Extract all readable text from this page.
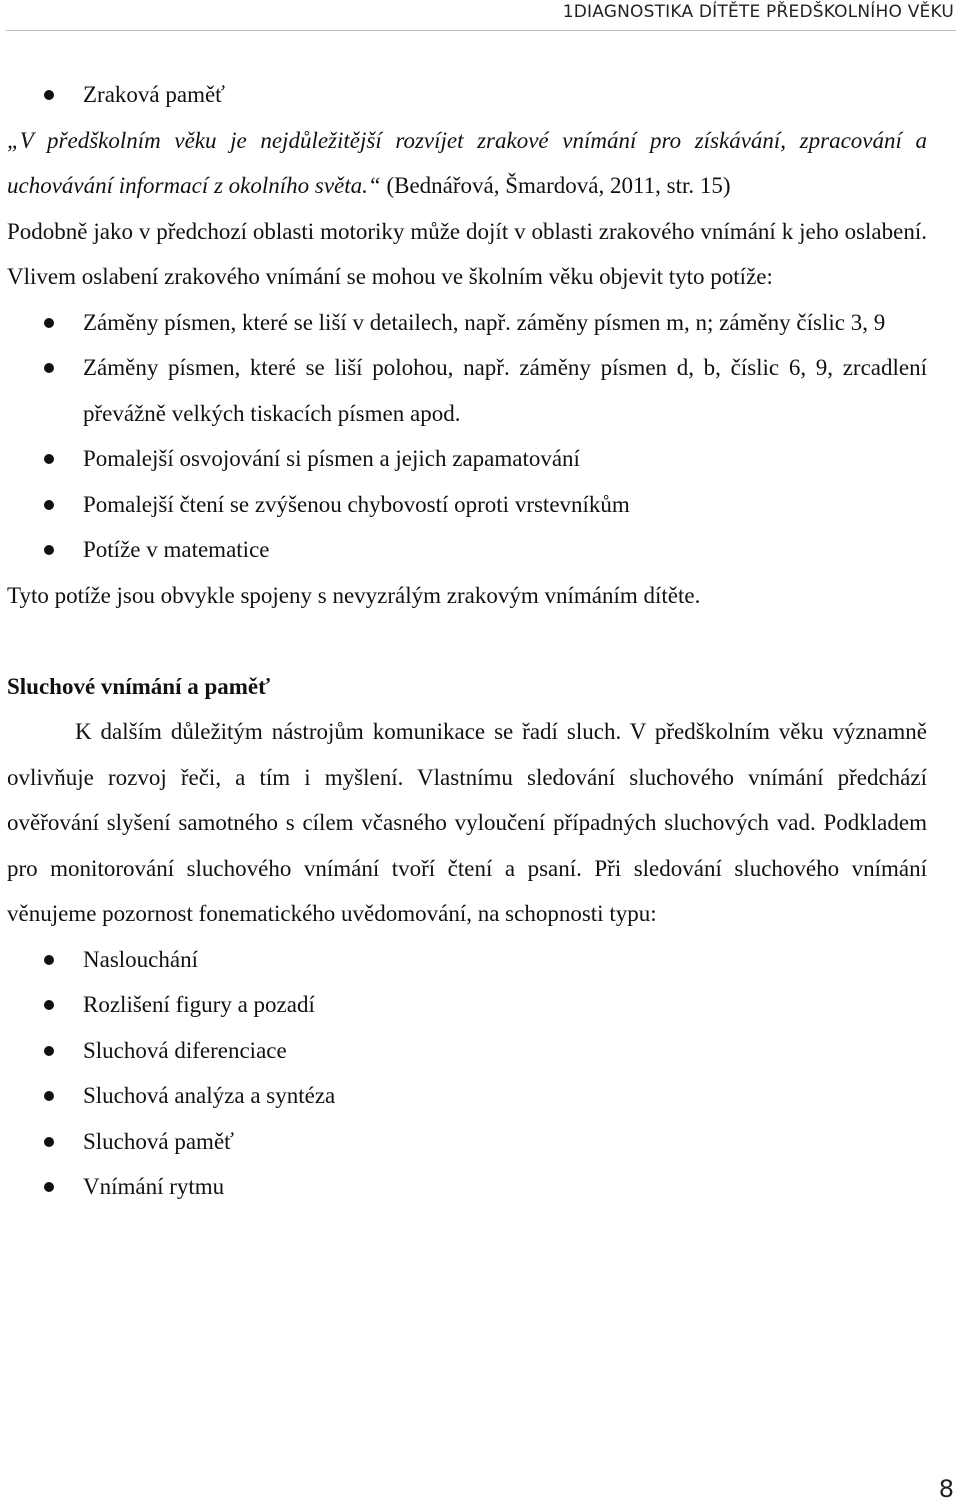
1DIAGNOSTIKA DÍTĚTE PŘEDŠKOLNÍHO VĚKU
Zraková paměť
„V předškolním věku je nejdůležitější rozvíjet zrakové vnímání pro získávání, zpracování a uchovávání informací z okolního světa.“ (Bednářová, Šmardová, 2011, str. 15)
Podobně jako v předchozí oblasti motoriky může dojít v oblasti zrakového vnímání k jeho oslabení. Vlivem oslabení zrakového vnímání se mohou ve školním věku objevit tyto potíže:
Záměny písmen, které se liší v detailech, např. záměny písmen m, n; záměny číslic 3, 9
Záměny písmen, které se liší polohou, např. záměny písmen d, b, číslic 6, 9, zrcadlení převážně velkých tiskacích písmen apod.
Pomalejší osvojování si písmen a jejich zapamatování
Pomalejší čtení se zvýšenou chybovostí oproti vrstevníkům
Potíže v matematice
Tyto potíže jsou obvykle spojeny s nevyzrálým zrakovým vnímáním dítěte.
Sluchové vnímání a paměť
K dalším důležitým nástrojům komunikace se řadí sluch. V předškolním věku významně ovlivňuje rozvoj řeči, a tím i myšlení. Vlastnímu sledování sluchového vnímání předchází ověřování slyšení samotného s cílem včasného vyloučení případných sluchových vad. Podkladem pro monitorování sluchového vnímání tvoří čtení a psaní. Při sledování sluchového vnímání věnujeme pozornost fonematického uvědomování, na schopnosti typu:
Naslouchání
Rozlišení figury a pozadí
Sluchová diferenciace
Sluchová analýza a syntéza
Sluchová paměť
Vnímání rytmu
8
